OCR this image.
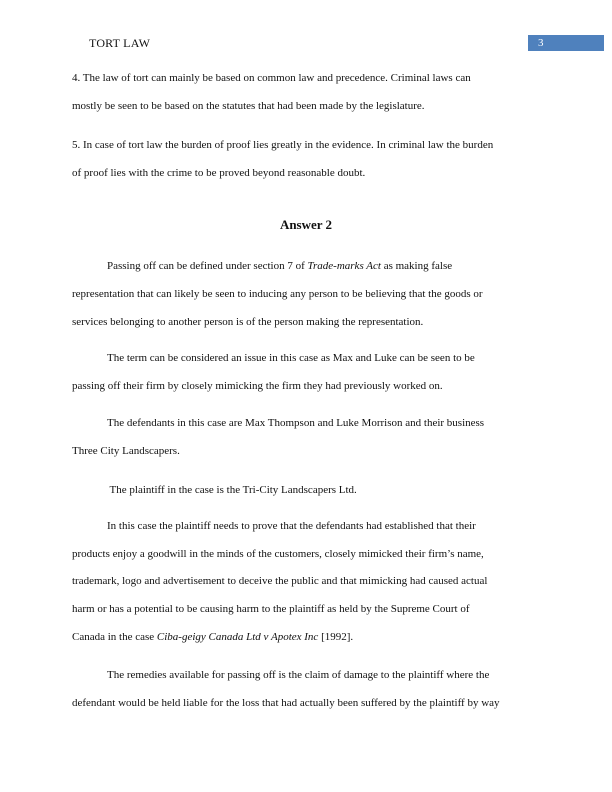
TORT LAW	3
4. The law of tort can mainly be based on common law and precedence. Criminal laws can
mostly be seen to be based on the statutes that had been made by the legislature.
5. In case of tort law the burden of proof lies greatly in the evidence. In criminal law the burden
of proof lies with the crime to be proved beyond reasonable doubt.
Answer 2
Passing off can be defined under section 7 of Trade-marks Act as making false
representation that can likely be seen to inducing any person to be believing that the goods or
services belonging to another person is of the person making the representation.
The term can be considered an issue in this case as Max and Luke can be seen to be
passing off their firm by closely mimicking the firm they had previously worked on.
The defendants in this case are Max Thompson and Luke Morrison and their business
Three City Landscapers.
The plaintiff in the case is the Tri-City Landscapers Ltd.
In this case the plaintiff needs to prove that the defendants had established that their
products enjoy a goodwill in the minds of the customers, closely mimicked their firm’s name,
trademark, logo and advertisement to deceive the public and that mimicking had caused actual
harm or has a potential to be causing harm to the plaintiff as held by the Supreme Court of
Canada in the case Ciba-geigy Canada Ltd v Apotex Inc [1992].
The remedies available for passing off is the claim of damage to the plaintiff where the
defendant would be held liable for the loss that had actually been suffered by the plaintiff by way
